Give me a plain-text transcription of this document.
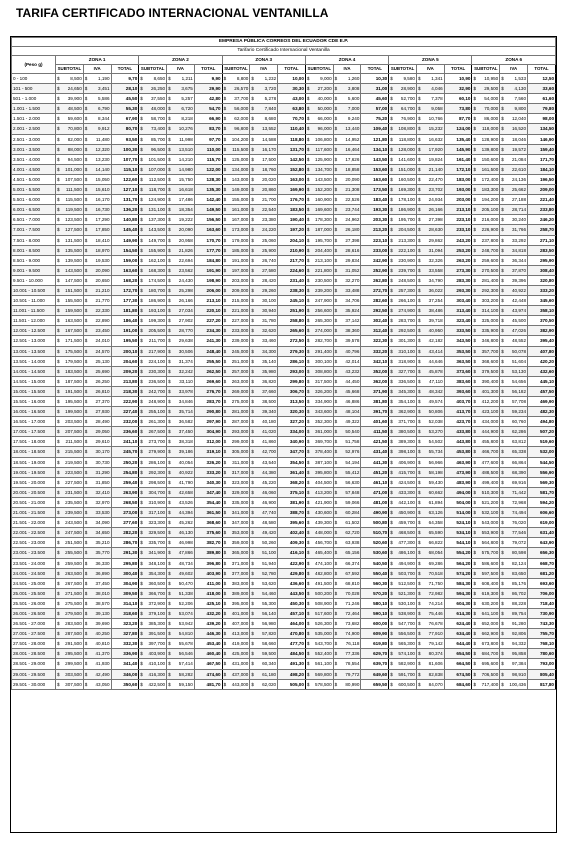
TARIFA CERTIFICADO INTERNACIONAL VENTANILLA
EMPRESA PÚBLICA CORREOS DEL ECUADOR CDE E.P.																		
Tarifario Certificado Internacional Ventanilla																		
(Peso g)	ZONA 1			ZONA 2			ZONA 3			ZONA 4			ZONA 5			ZONA 6		
	SUBTOTAL	IVA	TOTAL	SUBTOTAL	IVA	TOTAL	SUBTOTAL	IVA	TOTAL	SUBTOTAL	IVA	TOTAL	SUBTOTAL	IVA	TOTAL	SUBTOTAL	IVA	TOTAL
0 - 100	$ 8,500	$ 1,190	9,70	$ 8,650	$ 1,211	9,90	$ 8,800	$ 1,232	10,00	$ 9,000	$ 1,260	10,30	$ 9,580	$ 1,341	10,90	$ 10,950	$ 1,533	12,50
101 - 500	$ 24,650	$ 3,451	28,10	$ 26,250	$ 3,675	29,90	$ 26,570	$ 3,720	30,30	$ 27,200	$ 3,808	31,00	$ 28,900	$ 4,046	32,90	$ 29,500	$ 4,130	33,60
501 - 1.000	$ 39,900	$ 5,586	45,50	$ 37,550	$ 5,257	42,80	$ 37,700	$ 5,278	43,00	$ 40,000	$ 5,600	45,60	$ 52,700	$ 7,378	60,10	$ 54,000	$ 7,560	61,60
1.001 - 1.500	$ 48,500	$ 6,790	55,30	$ 48,000	$ 6,720	54,70	$ 56,000	$ 7,840	63,80	$ 50,000	$ 7,000	57,00	$ 64,700	$ 9,058	73,80	$ 70,000	$ 9,800	79,80
1.501 - 2.000	$ 59,600	$ 8,344	67,90	$ 58,700	$ 8,218	66,90	$ 62,000	$ 8,680	70,70	$ 66,000	$ 9,240	75,20	$ 76,900	$ 10,766	87,70	$ 86,000	$ 12,040	98,00
2.001 - 2.500	$ 70,800	$ 9,912	80,70	$ 73,400	$ 10,276	83,70	$ 96,800	$ 13,552	110,40	$ 96,000	$ 13,440	109,40	$ 108,800	$ 15,232	124,00	$ 118,000	$ 16,520	134,50
2.501 - 3.000	$ 82,000	$ 11,480	93,50	$ 85,700	$ 11,998	97,70	$ 104,200	$ 14,588	118,80	$ 106,800	$ 14,952	121,80	$ 118,800	$ 16,632	135,40	$ 128,900	$ 18,046	146,90
3.001 - 3.500	$ 88,000	$ 12,320	100,30	$ 96,500	$ 13,510	110,00	$ 115,500	$ 16,170	131,70	$ 117,600	$ 16,464	134,10	$ 128,000	$ 17,920	145,90	$ 139,800	$ 19,572	159,40
3.501 - 4.000	$ 94,500	$ 13,230	107,70	$ 101,500	$ 14,210	115,70	$ 125,000	$ 17,500	142,50	$ 125,900	$ 17,626	143,50	$ 141,600	$ 19,824	161,40	$ 150,600	$ 21,084	171,70
4.001 - 4.500	$ 101,000	$ 14,140	115,10	$ 107,000	$ 14,980	122,00	$ 134,000	$ 18,760	152,80	$ 134,700	$ 18,858	153,60	$ 151,000	$ 21,140	172,10	$ 161,500	$ 22,610	184,10
4.501 - 5.000	$ 107,500	$ 15,050	122,60	$ 112,500	$ 15,750	128,30	$ 143,000	$ 20,020	163,00	$ 143,500	$ 20,090	163,60	$ 160,500	$ 22,470	183,00	$ 172,400	$ 24,136	196,50
5.001 - 5.500	$ 111,500	$ 15,610	127,10	$ 118,700	$ 16,618	135,30	$ 149,000	$ 20,860	169,90	$ 152,200	$ 21,308	173,50	$ 169,300	$ 23,702	193,00	$ 183,300	$ 25,662	209,00
5.501 - 6.000	$ 115,500	$ 16,170	131,70	$ 124,900	$ 17,486	142,40	$ 155,000	$ 21,700	176,70	$ 160,900	$ 22,526	183,40	$ 178,100	$ 24,934	203,00	$ 194,200	$ 27,188	221,40
6.001 - 6.500	$ 119,500	$ 16,730	136,20	$ 131,100	$ 18,354	149,50	$ 161,000	$ 22,540	183,50	$ 169,600	$ 23,744	193,30	$ 186,900	$ 26,166	213,10	$ 205,100	$ 28,714	233,80
6.501 - 7.000	$ 123,500	$ 17,290	140,80	$ 137,300	$ 19,222	156,50	$ 167,000	$ 23,380	190,40	$ 178,300	$ 24,962	203,30	$ 195,700	$ 27,398	223,10	$ 216,000	$ 30,240	246,20
7.001 - 7.500	$ 127,500	$ 17,850	145,40	$ 143,500	$ 20,090	163,60	$ 173,000	$ 24,220	197,20	$ 187,000	$ 26,180	213,20	$ 204,500	$ 28,630	233,10	$ 226,900	$ 31,766	258,70
7.501 - 8.000	$ 131,500	$ 18,410	149,90	$ 149,700	$ 20,958	170,70	$ 179,000	$ 25,060	204,10	$ 195,700	$ 27,398	223,10	$ 213,300	$ 29,862	243,20	$ 237,800	$ 33,292	271,10
8.001 - 8.500	$ 135,500	$ 18,970	154,50	$ 155,900	$ 21,826	177,70	$ 185,000	$ 25,900	210,90	$ 204,400	$ 28,616	233,00	$ 222,100	$ 31,094	253,20	$ 248,700	$ 34,818	283,50
8.501 - 9.000	$ 139,500	$ 19,530	159,00	$ 162,100	$ 22,694	184,80	$ 191,000	$ 26,740	217,70	$ 213,100	$ 29,834	242,90	$ 230,900	$ 32,326	263,20	$ 259,600	$ 36,344	295,90
9.001 - 9.500	$ 143,500	$ 20,090	163,60	$ 168,300	$ 23,562	191,90	$ 197,000	$ 27,580	224,60	$ 221,800	$ 31,052	252,90	$ 239,700	$ 33,558	273,30	$ 270,500	$ 37,870	308,40
9.501 - 10.000	$ 147,500	$ 20,650	168,20	$ 174,500	$ 24,430	198,90	$ 203,000	$ 28,420	231,40	$ 230,500	$ 32,270	262,80	$ 248,500	$ 34,790	283,30	$ 281,400	$ 39,396	320,80
10.001 - 10.500	$ 151,500	$ 21,210	172,70	$ 180,700	$ 25,298	206,00	$ 209,000	$ 29,260	238,30	$ 239,200	$ 33,488	272,70	$ 257,300	$ 36,022	293,30	$ 292,300	$ 40,922	333,20
10.501 - 11.000	$ 155,500	$ 21,770	177,30	$ 186,900	$ 26,166	213,10	$ 215,000	$ 30,100	245,10	$ 247,900	$ 34,706	282,60	$ 266,100	$ 37,254	303,40	$ 303,200	$ 42,448	345,60
11.001 - 11.500	$ 159,500	$ 22,330	181,80	$ 193,100	$ 27,034	220,10	$ 221,000	$ 30,940	251,90	$ 256,600	$ 35,924	292,50	$ 274,900	$ 38,486	313,40	$ 314,100	$ 43,974	358,10
11.501 - 12.000	$ 163,500	$ 22,890	186,40	$ 199,300	$ 27,902	227,20	$ 227,000	$ 31,780	258,80	$ 265,300	$ 37,142	302,40	$ 283,700	$ 39,718	323,40	$ 325,000	$ 45,500	370,50
12.001 - 12.500	$ 167,500	$ 23,450	191,00	$ 205,500	$ 28,770	234,30	$ 233,000	$ 32,620	265,60	$ 274,000	$ 38,360	312,40	$ 292,500	$ 40,950	333,50	$ 335,900	$ 47,026	382,90
12.501 - 13.000	$ 171,500	$ 24,010	195,50	$ 211,700	$ 29,638	241,30	$ 239,000	$ 33,460	272,50	$ 282,700	$ 39,578	322,30	$ 301,300	$ 42,182	343,50	$ 346,800	$ 48,552	395,40
13.001 - 13.500	$ 175,500	$ 24,570	200,10	$ 217,900	$ 30,506	248,40	$ 245,000	$ 34,300	279,30	$ 291,400	$ 40,796	332,20	$ 310,100	$ 43,414	353,50	$ 357,700	$ 50,078	407,80
13.501 - 14.000	$ 179,500	$ 25,130	204,60	$ 224,100	$ 31,374	255,50	$ 251,000	$ 35,140	286,10	$ 300,100	$ 42,014	342,10	$ 318,900	$ 44,646	363,50	$ 368,600	$ 51,604	420,20
14.001 - 14.500	$ 183,500	$ 25,690	209,20	$ 230,300	$ 32,242	262,50	$ 257,000	$ 35,980	293,00	$ 308,800	$ 43,232	352,00	$ 327,700	$ 45,878	373,60	$ 379,500	$ 53,130	432,60
14.501 - 15.000	$ 187,500	$ 26,250	213,80	$ 236,500	$ 33,110	269,60	$ 263,000	$ 36,820	299,80	$ 317,500	$ 44,450	362,00	$ 336,500	$ 47,110	383,60	$ 390,400	$ 54,656	445,10
15.001 - 15.500	$ 191,500	$ 26,810	218,30	$ 242,700	$ 33,978	276,70	$ 269,000	$ 37,660	306,70	$ 326,200	$ 45,668	371,90	$ 345,300	$ 48,342	393,60	$ 401,300	$ 56,182	457,50
15.501 - 16.000	$ 195,500	$ 27,370	222,90	$ 248,900	$ 34,846	283,70	$ 275,000	$ 38,500	313,50	$ 334,900	$ 46,886	381,80	$ 354,100	$ 49,574	403,70	$ 412,200	$ 57,708	469,90
16.001 - 16.500	$ 199,500	$ 27,930	227,40	$ 255,100	$ 35,714	290,80	$ 281,000	$ 39,340	320,30	$ 343,600	$ 48,104	391,70	$ 362,900	$ 50,806	413,70	$ 423,100	$ 59,234	482,30
16.501 - 17.000	$ 203,500	$ 28,490	232,00	$ 261,300	$ 36,582	297,90	$ 287,000	$ 40,180	327,20	$ 352,300	$ 49,322	401,60	$ 371,700	$ 52,038	423,70	$ 434,000	$ 60,760	494,80
17.001 - 17.500	$ 207,500	$ 29,050	236,60	$ 267,500	$ 37,450	304,90	$ 293,000	$ 41,020	334,00	$ 361,000	$ 50,540	411,50	$ 380,500	$ 53,270	433,80	$ 444,900	$ 62,286	507,20
17.501 - 18.000	$ 211,500	$ 29,610	241,10	$ 273,700	$ 38,318	312,00	$ 299,000	$ 41,860	340,90	$ 369,700	$ 51,758	421,50	$ 389,300	$ 54,502	443,80	$ 455,800	$ 63,812	519,60
18.001 - 18.500	$ 215,500	$ 30,170	245,70	$ 279,900	$ 39,186	319,10	$ 305,000	$ 42,700	347,70	$ 378,400	$ 52,976	431,40	$ 398,100	$ 55,734	453,80	$ 466,700	$ 65,338	532,00
18.501 - 19.000	$ 219,500	$ 30,730	250,20	$ 286,100	$ 40,054	326,20	$ 311,000	$ 43,540	354,50	$ 387,100	$ 54,194	441,30	$ 406,900	$ 56,966	463,90	$ 477,600	$ 66,864	544,50
19.001 - 19.500	$ 223,500	$ 31,290	254,80	$ 292,300	$ 40,922	333,20	$ 317,000	$ 44,380	361,40	$ 395,800	$ 55,412	451,20	$ 415,700	$ 58,198	473,90	$ 488,500	$ 68,390	556,90
19.501 - 20.000	$ 227,500	$ 31,850	259,40	$ 298,500	$ 41,790	340,30	$ 323,000	$ 45,220	368,20	$ 404,500	$ 56,630	461,10	$ 424,500	$ 59,430	483,90	$ 499,400	$ 69,916	569,30
20.001 - 20.500	$ 231,500	$ 32,410	263,90	$ 304,700	$ 42,658	347,40	$ 329,000	$ 46,060	375,10	$ 413,200	$ 57,848	471,00	$ 433,300	$ 60,662	494,00	$ 510,300	$ 71,442	581,70
20.501 - 21.000	$ 235,500	$ 32,970	268,50	$ 310,900	$ 43,526	354,40	$ 335,000	$ 46,900	381,90	$ 421,900	$ 59,066	481,00	$ 442,100	$ 61,894	504,00	$ 521,200	$ 72,968	594,20
21.001 - 21.500	$ 239,500	$ 33,530	273,00	$ 317,100	$ 44,394	361,50	$ 341,000	$ 47,740	388,70	$ 430,600	$ 60,284	490,90	$ 450,900	$ 63,126	514,00	$ 532,100	$ 74,494	606,60
21.501 - 22.000	$ 243,500	$ 34,090	277,60	$ 323,300	$ 45,262	368,60	$ 347,000	$ 48,580	395,60	$ 439,300	$ 61,502	500,80	$ 459,700	$ 64,358	524,10	$ 543,000	$ 76,020	619,00
22.001 - 22.500	$ 247,500	$ 34,650	282,20	$ 329,500	$ 46,130	375,60	$ 353,000	$ 49,420	402,40	$ 448,000	$ 62,720	510,70	$ 468,500	$ 65,590	534,10	$ 553,900	$ 77,546	631,40
22.501 - 23.000	$ 251,500	$ 35,210	286,70	$ 335,700	$ 46,998	382,70	$ 359,000	$ 50,260	409,30	$ 456,700	$ 63,938	520,60	$ 477,300	$ 66,822	544,10	$ 564,800	$ 79,072	643,90
23.001 - 23.500	$ 255,500	$ 35,770	291,30	$ 341,900	$ 47,866	389,80	$ 365,000	$ 51,100	416,10	$ 465,400	$ 65,156	530,60	$ 486,100	$ 68,054	554,20	$ 575,700	$ 80,598	656,30
23.501 - 24.000	$ 259,500	$ 36,330	295,80	$ 348,100	$ 48,734	396,80	$ 371,000	$ 51,940	422,90	$ 474,100	$ 66,374	540,50	$ 494,900	$ 69,286	564,20	$ 586,600	$ 82,124	668,70
24.001 - 24.500	$ 263,500	$ 36,890	300,40	$ 354,300	$ 49,602	403,90	$ 377,000	$ 52,780	429,80	$ 482,800	$ 67,592	550,40	$ 503,700	$ 70,518	574,20	$ 597,500	$ 83,650	681,20
24.501 - 25.000	$ 267,500	$ 37,450	304,90	$ 360,500	$ 50,470	411,00	$ 383,000	$ 53,620	436,60	$ 491,500	$ 68,810	560,30	$ 512,500	$ 71,750	584,30	$ 608,400	$ 85,176	693,60
25.001 - 25.500	$ 271,500	$ 38,010	309,50	$ 366,700	$ 51,338	418,00	$ 389,000	$ 54,460	443,50	$ 500,200	$ 70,028	570,20	$ 521,300	$ 72,982	594,30	$ 619,300	$ 86,702	706,00
25.501 - 26.000	$ 275,500	$ 38,570	314,10	$ 372,900	$ 52,206	425,10	$ 395,000	$ 55,300	450,30	$ 508,900	$ 71,246	580,10	$ 530,100	$ 74,214	604,30	$ 630,200	$ 88,228	718,40
26.001 - 26.500	$ 279,500	$ 39,130	318,60	$ 379,100	$ 53,074	432,20	$ 401,000	$ 56,140	457,10	$ 517,600	$ 72,464	590,10	$ 538,900	$ 75,446	614,30	$ 641,100	$ 89,754	730,90
26.501 - 27.000	$ 283,500	$ 39,690	323,20	$ 385,300	$ 53,942	439,20	$ 407,000	$ 56,980	464,00	$ 526,300	$ 73,682	600,00	$ 547,700	$ 76,678	624,40	$ 652,000	$ 91,280	743,30
27.001 - 27.500	$ 287,500	$ 40,250	327,80	$ 391,500	$ 54,810	446,30	$ 413,000	$ 57,820	470,80	$ 535,000	$ 74,900	609,90	$ 556,500	$ 77,910	634,40	$ 662,900	$ 92,806	755,70
27.501 - 28.000	$ 291,500	$ 40,810	332,30	$ 397,700	$ 55,678	453,40	$ 419,000	$ 58,660	477,70	$ 543,700	$ 76,118	619,80	$ 565,300	$ 79,142	644,40	$ 673,800	$ 94,332	768,10
28.001 - 28.500	$ 295,500	$ 41,370	336,90	$ 403,900	$ 56,546	460,40	$ 425,000	$ 59,500	484,50	$ 552,400	$ 77,336	629,70	$ 574,100	$ 80,374	654,50	$ 684,700	$ 95,858	780,60
28.501 - 29.000	$ 299,500	$ 41,930	341,40	$ 410,100	$ 57,414	467,50	$ 431,000	$ 60,340	491,30	$ 561,100	$ 78,554	639,70	$ 582,900	$ 81,606	664,50	$ 695,600	$ 97,384	793,00
29.001 - 29.500	$ 303,500	$ 42,490	346,00	$ 416,300	$ 58,282	474,60	$ 437,000	$ 61,180	498,20	$ 569,800	$ 79,772	649,60	$ 591,700	$ 82,838	674,50	$ 706,500	$ 98,910	805,40
29.501 - 30.000	$ 307,500	$ 43,050	350,60	$ 422,500	$ 59,150	481,70	$ 443,000	$ 62,020	505,00	$ 578,500	$ 80,990	659,50	$ 600,500	$ 84,070	684,60	$ 717,400	$ 100,436	817,80
